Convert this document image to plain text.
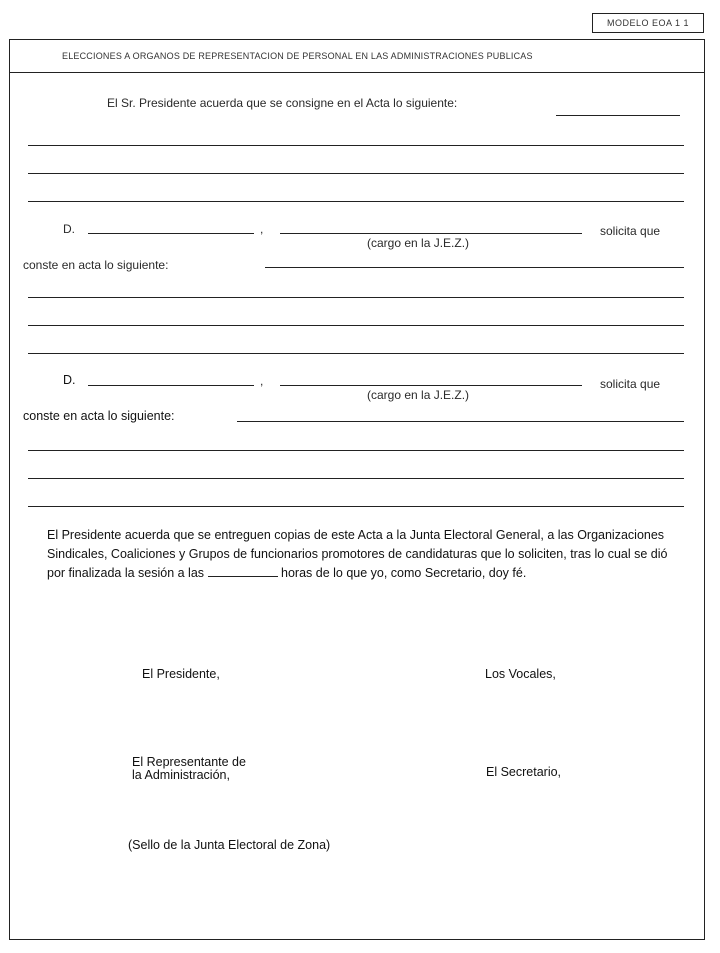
MODELO EOA 1 1
ELECCIONES A ORGANOS DE REPRESENTACION DE PERSONAL EN LAS ADMINISTRACIONES PUBLICAS
El Sr. Presidente acuerda que se consigne en el Acta lo siguiente:
D.	,
(cargo en la J.E.Z.)
solicita que
conste en acta lo siguiente:
D.	,
(cargo en la J.E.Z.)
solicita que
conste en acta lo siguiente:
El Presidente acuerda que se entreguen copias de este Acta a la Junta Electoral General, a las Organizaciones Sindicales, Coaliciones y Grupos de funcionarios promotores de candidaturas que lo soliciten, tras lo cual se dió por finalizada la sesión a las	horas de lo que yo, como Secretario, doy fé.
El Presidente,	Los Vocales,
El Representante de
la Administración,	El Secretario,
(Sello de la Junta Electoral de Zona)
